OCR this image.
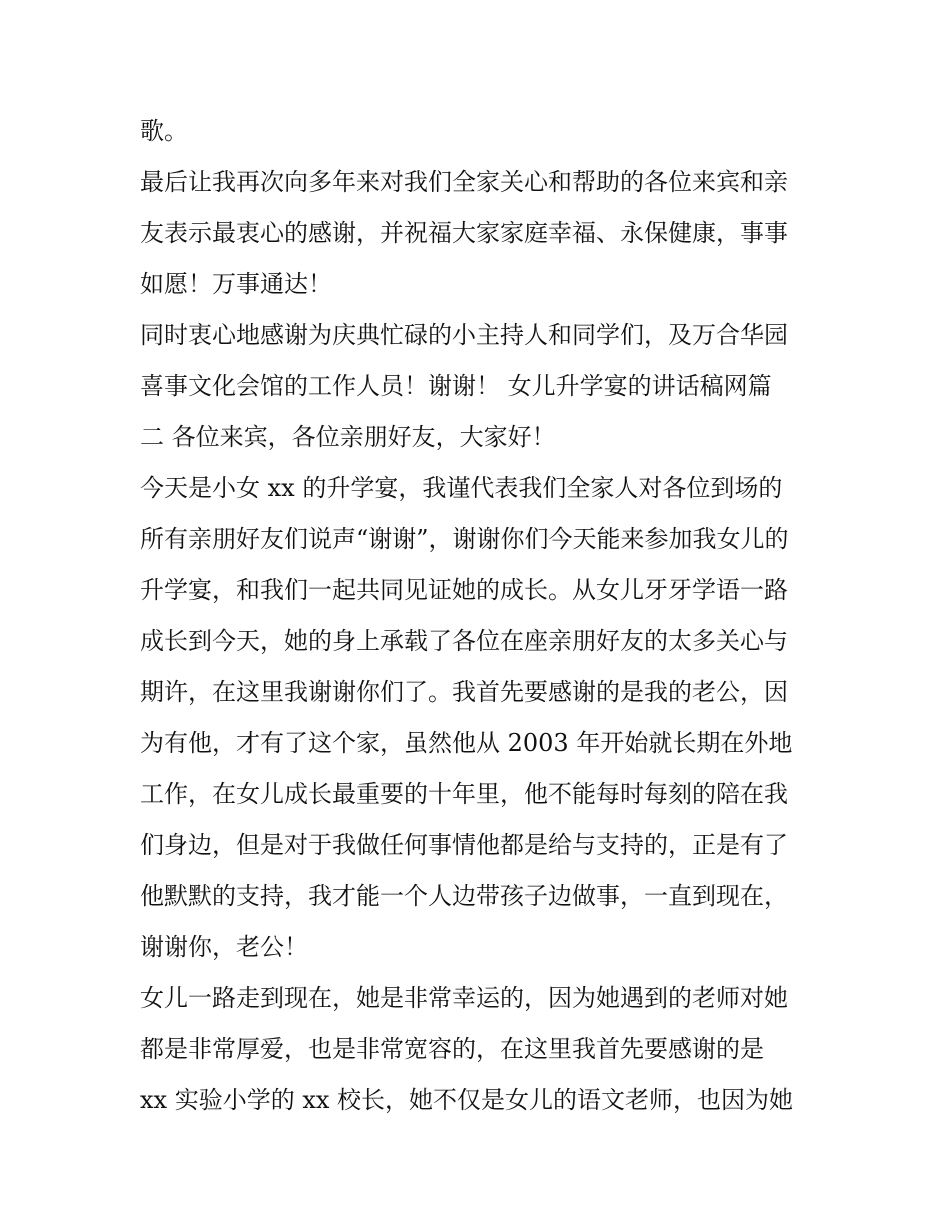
歌。
最后让我再次向多年来对我们全家关心和帮助的各位来宾和亲
友表示最衷心的感谢，并祝福大家家庭幸福、永保健康，事事
如愿！万事通达！
同时衷心地感谢为庆典忙碌的小主持人和同学们，及万合华园
喜事文化会馆的工作人员！谢谢！ 女儿升学宴的讲话稿网篇
二 各位来宾，各位亲朋好友，大家好！
今天是小女 xx 的升学宴，我谨代表我们全家人对各位到场的
所有亲朋好友们说声“谢谢”，谢谢你们今天能来参加我女儿的
升学宴，和我们一起共同见证她的成长。从女儿牙牙学语一路
成长到今天，她的身上承载了各位在座亲朋好友的太多关心与
期许，在这里我谢谢你们了。我首先要感谢的是我的老公，因
为有他，才有了这个家，虽然他从 2003 年开始就长期在外地
工作，在女儿成长最重要的十年里，他不能每时每刻的陪在我
们身边，但是对于我做任何事情他都是给与支持的，正是有了
他默默的支持，我才能一个人边带孩子边做事，一直到现在，
谢谢你，老公！
女儿一路走到现在，她是非常幸运的，因为她遇到的老师对她
都是非常厚爱，也是非常宽容的，在这里我首先要感谢的是
xx 实验小学的 xx 校长，她不仅是女儿的语文老师，也因为她
